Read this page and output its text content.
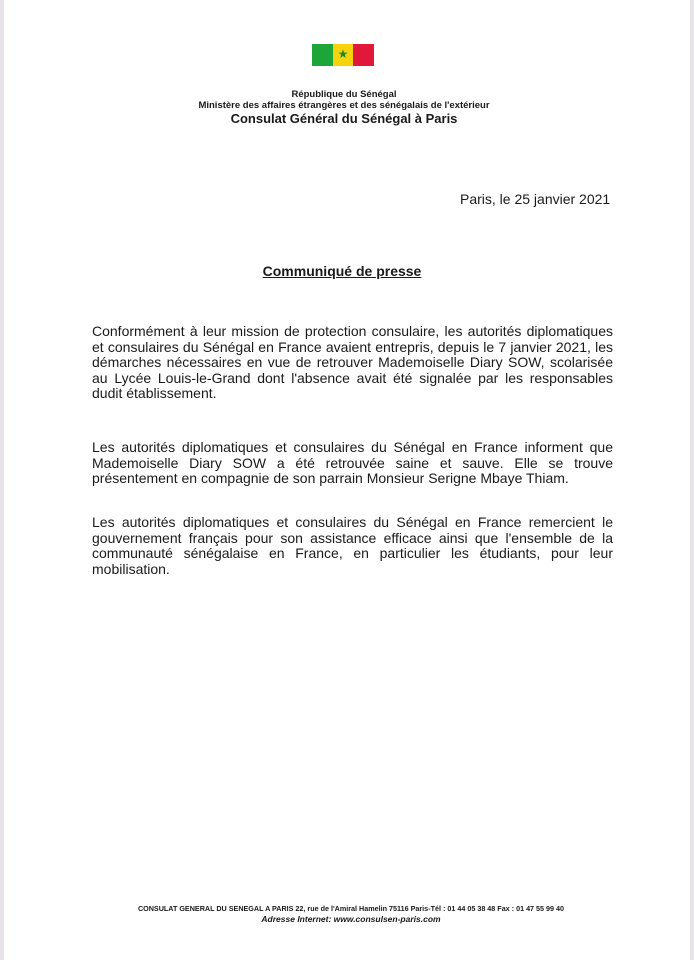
★
République du Sénégal
Ministère des affaires étrangères et des sénégalais de l'extérieur
Consulat Général du Sénégal à Paris
Paris, le 25 janvier 2021
Communiqué de presse

Conformément à leur mission de protection consulaire, les autorités diplomatiques et consulaires du Sénégal en France avaient entrepris, depuis le 7 janvier 2021, les démarches nécessaires en vue de retrouver Mademoiselle Diary SOW, scolarisée au Lycée Louis-le-Grand dont l'absence avait été signalée par les responsables dudit établissement.

Les autorités diplomatiques et consulaires du Sénégal en France informent que Mademoiselle Diary SOW a été retrouvée saine et sauve. Elle se trouve présentement en compagnie de son parrain Monsieur Serigne Mbaye Thiam.

Les autorités diplomatiques et consulaires du Sénégal en France remercient le gouvernement français pour son assistance efficace ainsi que l'ensemble de la communauté sénégalaise en France, en particulier les étudiants, pour leur mobilisation.

CONSULAT GENERAL DU SENEGAL A PARIS 22, rue de l'Amiral Hamelin 75116 Paris-Tél : 01 44 05 38 48 Fax : 01 47 55 99 40
Adresse Internet: www.consulsen-paris.com
